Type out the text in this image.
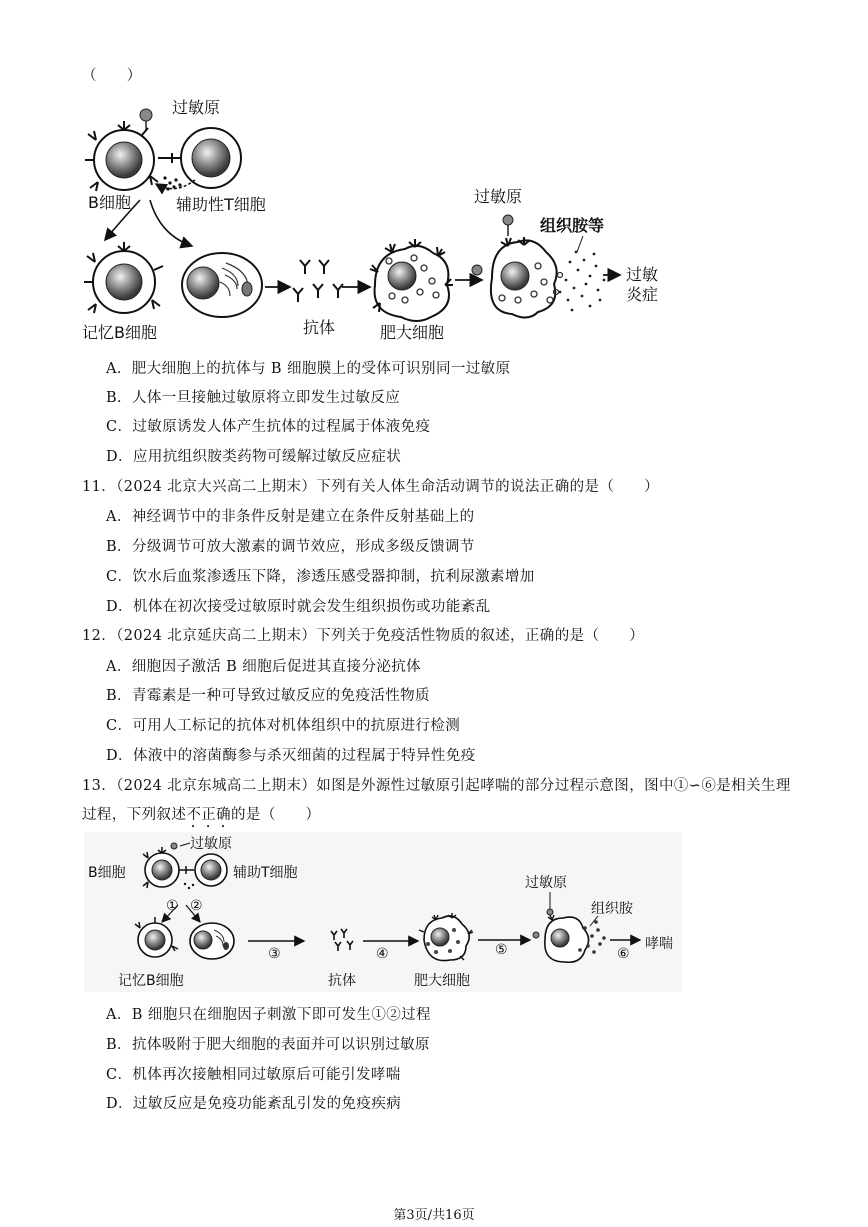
（　　）
过敏原
B细胞	辅助性T细胞
记忆B细胞	抗体	肥大细胞
过敏原
组织胺等
过敏
炎症
A．肥大细胞上的抗体与 B 细胞膜上的受体可识别同一过敏原
B．人体一旦接触过敏原将立即发生过敏反应
C．过敏原诱发人体产生抗体的过程属于体液免疫
D．应用抗组织胺类药物可缓解过敏反应症状
11．（2024 北京大兴高二上期末）下列有关人体生命活动调节的说法正确的是（　　）
A．神经调节中的非条件反射是建立在条件反射基础上的
B．分级调节可放大激素的调节效应，形成多级反馈调节
C．饮水后血浆渗透压下降，渗透压感受器抑制，抗利尿激素增加
D．机体在初次接受过敏原时就会发生组织损伤或功能紊乱
12．（2024 北京延庆高二上期末）下列关于免疫活性物质的叙述，正确的是（　　）
A．细胞因子激活 B 细胞后促进其直接分泌抗体
B．青霉素是一种可导致过敏反应的免疫活性物质
C．可用人工标记的抗体对机体组织中的抗原进行检测
D．体液中的溶菌酶参与杀灭细菌的过程属于特异性免疫
13．（2024 北京东城高二上期末）如图是外源性过敏原引起哮喘的部分过程示意图，图中①∽⑥是相关生理
过程，下列叙述不正确的是（　　）
过敏原
B细胞	辅助T细胞
① ②
记忆B细胞
③
抗体
④
肥大细胞
⑤
过敏原
组织胺
⑥
哮喘
A．B 细胞只在细胞因子刺激下即可发生①②过程
B．抗体吸附于肥大细胞的表面并可以识别过敏原
C．机体再次接触相同过敏原后可能引发哮喘
D．过敏反应是免疫功能紊乱引发的免疫疾病
第3页/共16页
